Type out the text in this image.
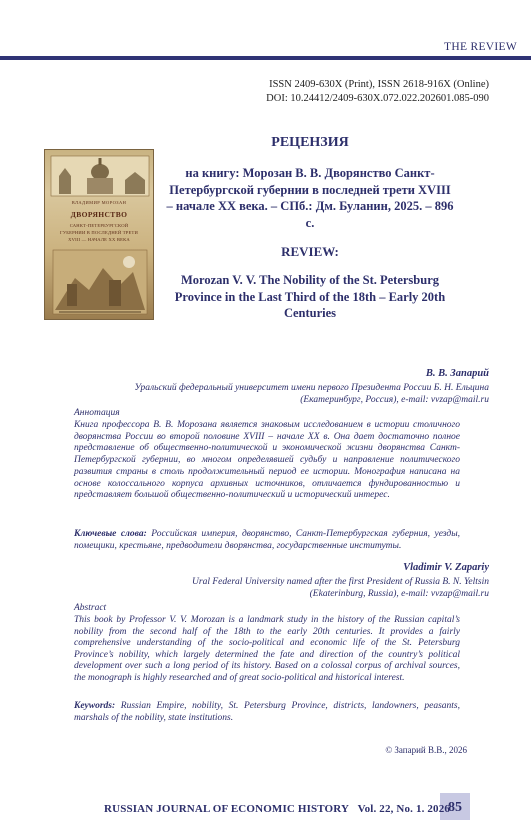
THE REVIEW
ISSN 2409-630X (Print), ISSN 2618-916X (Online)
DOI: 10.24412/2409-630X.072.022.202601.085-090
ВЛАДИМИР МОРОЗАН
ДВОРЯНСТВО
САНКТ-ПЕТЕРБУРГСКОЙ
ГУБЕРНИИ В ПОСЛЕДНЕЙ ТРЕТИ
XVIII — НАЧАЛЕ XX ВЕКА
РЕЦЕНЗИЯ
на книгу: Морозан В. В. Дворянство Санкт-Петербургской губернии в последней трети XVIII – начале XX века. – СПб.: Дм. Буланин, 2025. – 896 с.
REVIEW:
Morozan V. V. The Nobility of the St. Petersburg Province in the Last Third of the 18th – Early 20th Centuries
В. В. Запарий
Уральский федеральный университет имени первого Президента России Б. Н. Ельцина
(Екатеринбург, Россия), e-mail: vvzap@mail.ru
Аннотация
Книга профессора В. В. Морозана является знаковым исследованием в истории столичного дворянства России во второй половине XVIII – начале XX в. Она дает достаточно полное представление об общественно-политической и экономической жизни дворянства Санкт-Петербургской губернии, во многом определявшей судьбу и направление политического развития страны в столь продолжительный период ее истории. Монография написана на основе колоссального корпуса архивных источников, отличается фундированностью и представляет большой общественно-политический и исторический интерес.
Ключевые слова: Российская империя, дворянство, Санкт-Петербургская губерния, уезды, помещики, крестьяне, предводители дворянства, государственные институты.
Vladimir V. Zapariy
Ural Federal University named after the first President of Russia B. N. Yeltsin
(Ekaterinburg, Russia), e-mail: vvzap@mail.ru
Abstract
This book by Professor V. V. Morozan is a landmark study in the history of the Russian capital’s nobility from the second half of the 18th to the early 20th centuries. It provides a fairly comprehensive understanding of the socio-political and economic life of the St. Petersburg Province’s nobility, which largely determined the fate and direction of the country’s political development over such a long period of its history. Based on a colossal corpus of archival sources, the monograph is highly researched and of great socio-political and historical interest.
Keywords: Russian Empire, nobility, St. Petersburg Province, districts, landowners, peasants, marshals of the nobility, state institutions.
© Запарий В.В., 2026
85
RUSSIAN JOURNAL OF ECONOMIC HISTORY Vol. 22, No. 1. 2026
